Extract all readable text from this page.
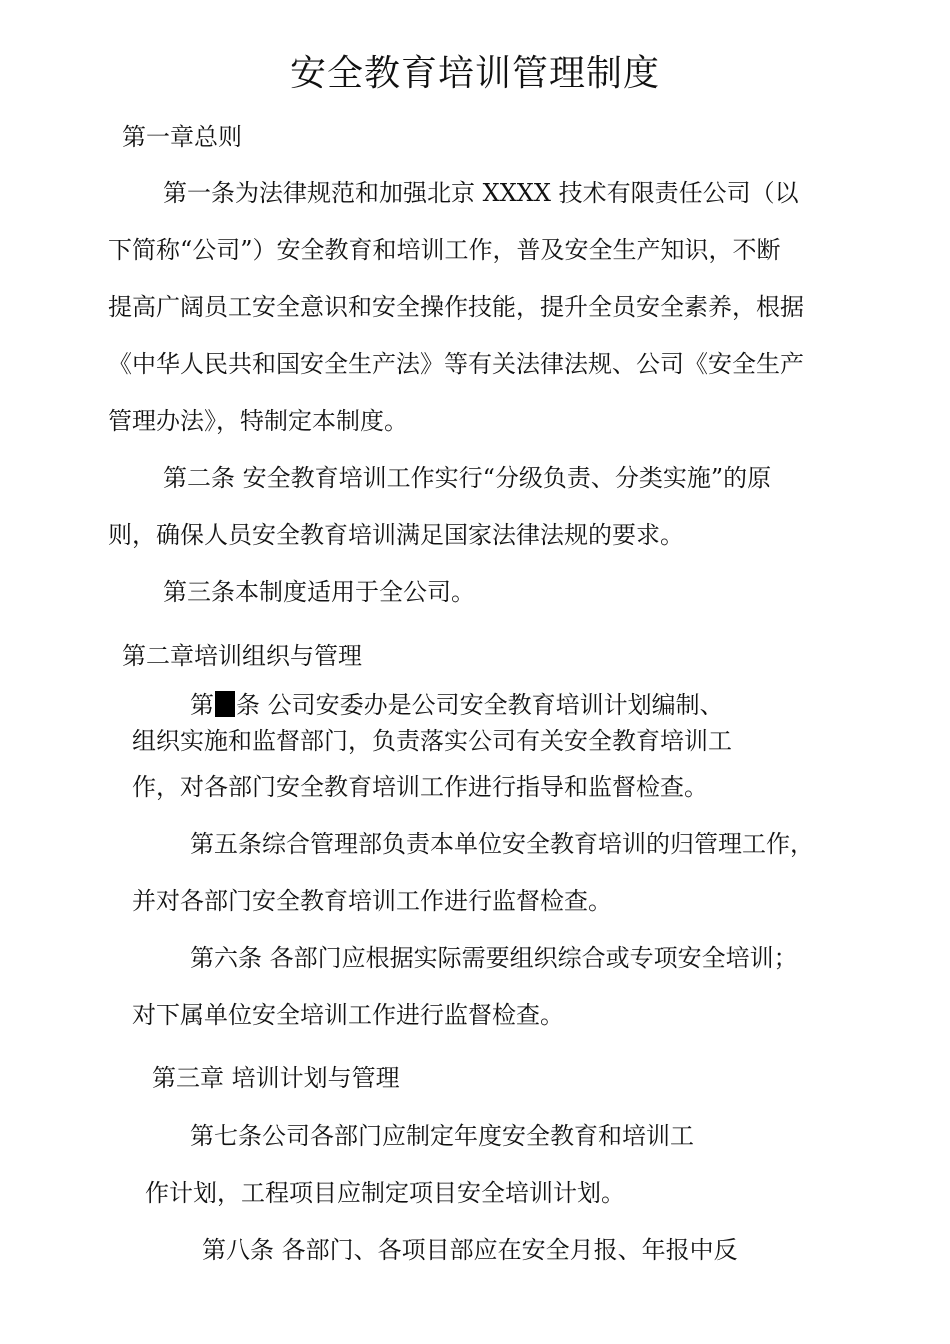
安全教育培训管理制度
第一章总则
第一条为法律规范和加强北京 XXXX 技术有限责任公司（以
下简称“公司”）安全教育和培训工作，普及安全生产知识，不断
提高广阔员工安全意识和安全操作技能，提升全员安全素养，根据
《中华人民共和国安全生产法》等有关法律法规、公司《安全生产
管理办法》，特制定本制度。
第二条 安全教育培训工作实行“分级负责、分类实施”的原
则，确保人员安全教育培训满足国家法律法规的要求。
第三条本制度适用于全公司。
第二章培训组织与管理
第 条 公司安委办是公司安全教育培训计划编制、
组织实施和监督部门，负责落实公司有关安全教育培训工
作，对各部门安全教育培训工作进行指导和监督检查。
第五条综合管理部负责本单位安全教育培训的归管理工作，
并对各部门安全教育培训工作进行监督检查。
第六条 各部门应根据实际需要组织综合或专项安全培训；
对下属单位安全培训工作进行监督检查。
第三章 培训计划与管理
第七条公司各部门应制定年度安全教育和培训工
作计划，工程项目应制定项目安全培训计划。
第八条 各部门、各项目部应在安全月报、年报中反
